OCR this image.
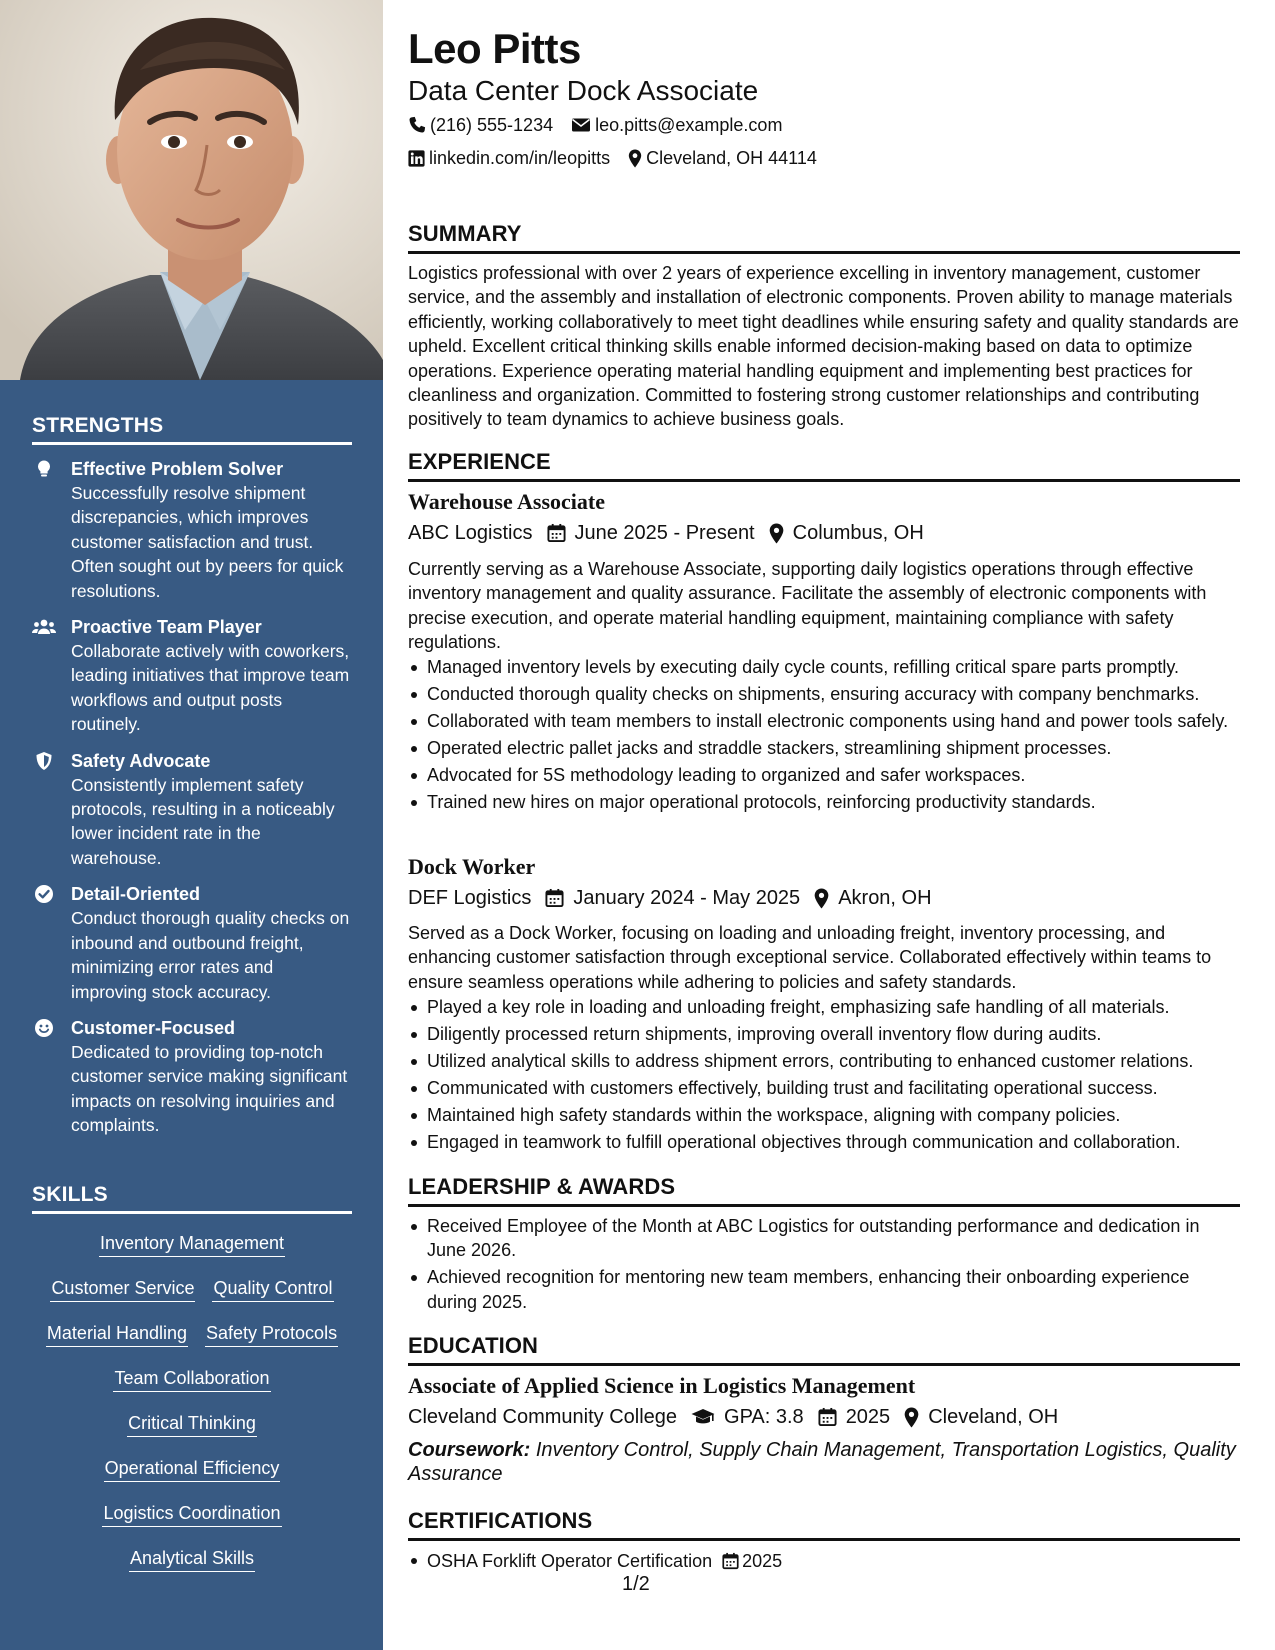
STRENGTHS
Effective Problem Solver
Successfully resolve shipment discrepancies, which improves customer satisfaction and trust. Often sought out by peers for quick resolutions.
Proactive Team Player
Collaborate actively with coworkers, leading initiatives that improve team workflows and output posts routinely.
Safety Advocate
Consistently implement safety protocols, resulting in a noticeably lower incident rate in the warehouse.
Detail-Oriented
Conduct thorough quality checks on inbound and outbound freight, minimizing error rates and improving stock accuracy.
Customer-Focused
Dedicated to providing top-notch customer service making significant impacts on resolving inquiries and complaints.
SKILLS
Inventory Management
Customer Service Quality Control
Material Handling Safety Protocols
Team Collaboration
Critical Thinking
Operational Efficiency
Logistics Coordination
Analytical Skills
Leo Pitts
Data Center Dock Associate
(216) 555-1234 leo.pitts@example.com
linkedin.com/in/leopitts Cleveland, OH 44114
SUMMARY
Logistics professional with over 2 years of experience excelling in inventory management, customer service, and the assembly and installation of electronic components. Proven ability to manage materials efficiently, working collaboratively to meet tight deadlines while ensuring safety and quality standards are upheld. Excellent critical thinking skills enable informed decision-making based on data to optimize operations. Experience operating material handling equipment and implementing best practices for cleanliness and organization. Committed to fostering strong customer relationships and contributing positively to team dynamics to achieve business goals.
EXPERIENCE
Warehouse Associate
ABC Logistics June 2025 - Present Columbus, OH
Currently serving as a Warehouse Associate, supporting daily logistics operations through effective inventory management and quality assurance. Facilitate the assembly of electronic components with precise execution, and operate material handling equipment, maintaining compliance with safety regulations.
Managed inventory levels by executing daily cycle counts, refilling critical spare parts promptly.
Conducted thorough quality checks on shipments, ensuring accuracy with company benchmarks.
Collaborated with team members to install electronic components using hand and power tools safely.
Operated electric pallet jacks and straddle stackers, streamlining shipment processes.
Advocated for 5S methodology leading to organized and safer workspaces.
Trained new hires on major operational protocols, reinforcing productivity standards.
Dock Worker
DEF Logistics January 2024 - May 2025 Akron, OH
Served as a Dock Worker, focusing on loading and unloading freight, inventory processing, and enhancing customer satisfaction through exceptional service. Collaborated effectively within teams to ensure seamless operations while adhering to policies and safety standards.
Played a key role in loading and unloading freight, emphasizing safe handling of all materials.
Diligently processed return shipments, improving overall inventory flow during audits.
Utilized analytical skills to address shipment errors, contributing to enhanced customer relations.
Communicated with customers effectively, building trust and facilitating operational success.
Maintained high safety standards within the workspace, aligning with company policies.
Engaged in teamwork to fulfill operational objectives through communication and collaboration.
LEADERSHIP & AWARDS
Received Employee of the Month at ABC Logistics for outstanding performance and dedication in June 2026.
Achieved recognition for mentoring new team members, enhancing their onboarding experience during 2025.
EDUCATION
Associate of Applied Science in Logistics Management
Cleveland Community College GPA: 3.8 2025 Cleveland, OH
Coursework: Inventory Control, Supply Chain Management, Transportation Logistics, Quality Assurance
CERTIFICATIONS
OSHA Forklift Operator Certification 2025
1/2
